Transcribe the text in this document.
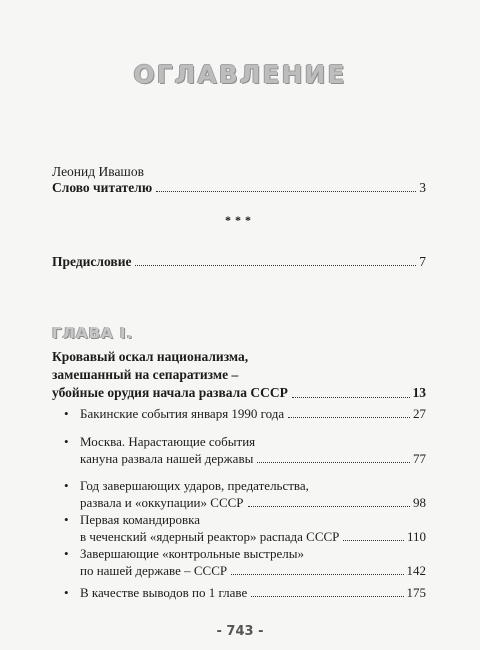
ОГЛАВЛЕНИЕ
Леонид Ивашов
Слово читателю	3
***
Предисловие	7
ГЛАВА I.
Кровавый оскал национализма,
замешанный на сепаратизме –
убойные орудия начала развала СССР	13
• Бакинские события января 1990 года	27
• Москва. Нарастающие события
кануна развала нашей державы	77
• Год завершающих ударов, предательства,
развала и «оккупации» СССР	98
• Первая командировка
в чеченский «ядерный реактор» распада СССР	110
• Завершающие «контрольные выстрелы»
по нашей державе – СССР	142
• В качестве выводов по 1 главе	175
- 743 -
